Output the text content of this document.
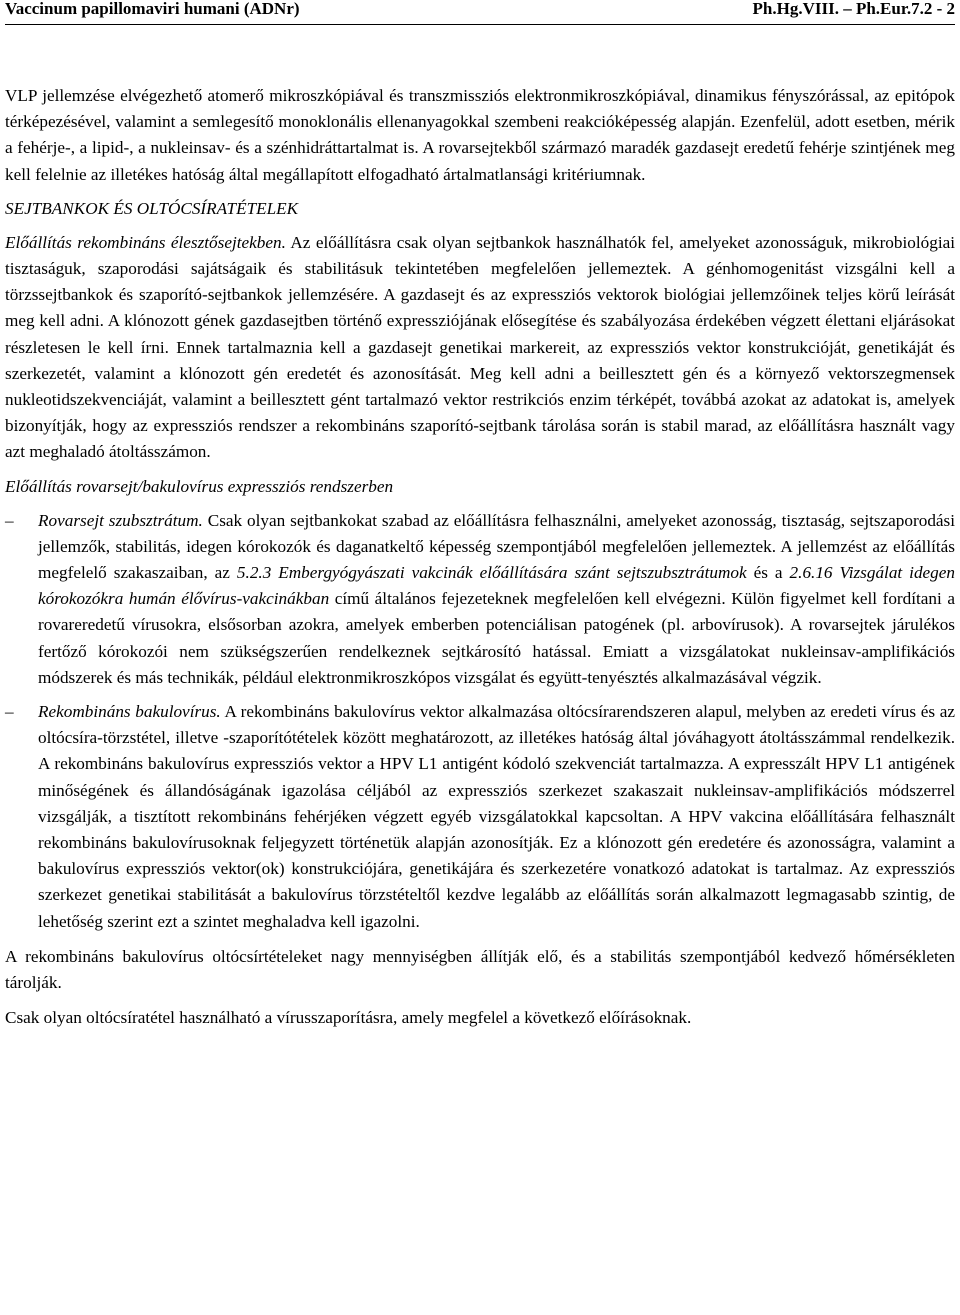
Vaccinum papillomaviri humani (ADNr)	Ph.Hg.VIII. – Ph.Eur.7.2 - 2

VLP jellemzése elvégezhető atomerő mikroszkópiával és transzmissziós elektronmikroszkópiával, dinamikus fényszórással, az epitópok térképezésével, valamint a semlegesítő monoklonális ellenanyagokkal szembeni reakcióképesség alapján. Ezenfelül, adott esetben, mérik a fehérje-, a lipid-, a nukleinsav- és a szénhidráttartalmat is. A rovarsejtekből származó maradék gazdasejt eredetű fehérje szintjének meg kell felelnie az illetékes hatóság által megállapított elfogadható ártalmatlansági kritériumnak.

SEJTBANKOK ÉS OLTÓCSÍRATÉTELEK

Előállítás rekombináns élesztősejtekben. Az előállításra csak olyan sejtbankok használhatók fel, amelyeket azonosságuk, mikrobiológiai tisztaságuk, szaporodási sajátságaik és stabilitásuk tekintetében megfelelően jellemeztek. A génhomogenitást vizsgálni kell a törzssejtbankok és szaporító-sejtbankok jellemzésére. A gazdasejt és az expressziós vektorok biológiai jellemzőinek teljes körű leírását meg kell adni. A klónozott gének gazdasejtben történő expressziójának elősegítése és szabályozása érdekében végzett élettani eljárásokat részletesen le kell írni. Ennek tartalmaznia kell a gazdasejt genetikai markereit, az expressziós vektor konstrukcióját, genetikáját és szerkezetét, valamint a klónozott gén eredetét és azonosítását. Meg kell adni a beillesztett gén és a környező vektorszegmensek nukleotidszekvenciáját, valamint a beillesztett gént tartalmazó vektor restrikciós enzim térképét, továbbá azokat az adatokat is, amelyek bizonyítják, hogy az expressziós rendszer a rekombináns szaporító-sejtbank tárolása során is stabil marad, az előállításra használt vagy azt meghaladó átoltásszámon.

Előállítás rovarsejt/bakulovírus expressziós rendszerben
– Rovarsejt szubsztrátum. Csak olyan sejtbankokat szabad az előállításra felhasználni, amelyeket azonosság, tisztaság, sejtszaporodási jellemzők, stabilitás, idegen kórokozók és daganatkeltő képesség szempontjából megfelelően jellemeztek. A jellemzést az előállítás megfelelő szakaszaiban, az 5.2.3 Embergyógyászati vakcinák előállítására szánt sejtszubsztrátumok és a 2.6.16 Vizsgálat idegen kórokozókra humán élővírus-vakcinákban című általános fejezeteknek megfelelően kell elvégezni. Külön figyelmet kell fordítani a rovareredetű vírusokra, elsősorban azokra, amelyek emberben potenciálisan patogének (pl. arbovírusok). A rovarsejtek járulékos fertőző kórokozói nem szükségszerűen rendelkeznek sejtkárosító hatással. Emiatt a vizsgálatokat nukleinsav-amplifikációs módszerek és más technikák, például elektronmikroszkópos vizsgálat és együtt-tenyésztés alkalmazásával végzik.

– Rekombináns bakulovírus. A rekombináns bakulovírus vektor alkalmazása oltócsírarendszeren alapul, melyben az eredeti vírus és az oltócsíra-törzstétel, illetve -szaporítótételek között meghatározott, az illetékes hatóság által jóváhagyott átoltásszámmal rendelkezik. A rekombináns bakulovírus expressziós vektor a HPV L1 antigént kódoló szekvenciát tartalmazza. A expresszált HPV L1 antigének minőségének és állandóságának igazolása céljából az expressziós szerkezet szakaszait nukleinsav-amplifikációs módszerrel vizsgálják, a tisztított rekombináns fehérjéken végzett egyéb vizsgálatokkal kapcsoltan. A HPV vakcina előállítására felhasznált rekombináns bakulovírusoknak feljegyzett történetük alapján azonosítják. Ez a klónozott gén eredetére és azonosságra, valamint a bakulovírus expressziós vektor(ok) konstrukciójára, genetikájára és szerkezetére vonatkozó adatokat is tartalmaz. Az expressziós szerkezet genetikai stabilitását a bakulovírus törzstételtől kezdve legalább az előállítás során alkalmazott legmagasabb szintig, de lehetőség szerint ezt a szintet meghaladva kell igazolni.

A rekombináns bakulovírus oltócsírtételeket nagy mennyiségben állítják elő, és a stabilitás szempontjából kedvező hőmérsékleten tárolják.

Csak olyan oltócsíratétel használható a vírusszaporításra, amely megfelel a következő előírásoknak.
